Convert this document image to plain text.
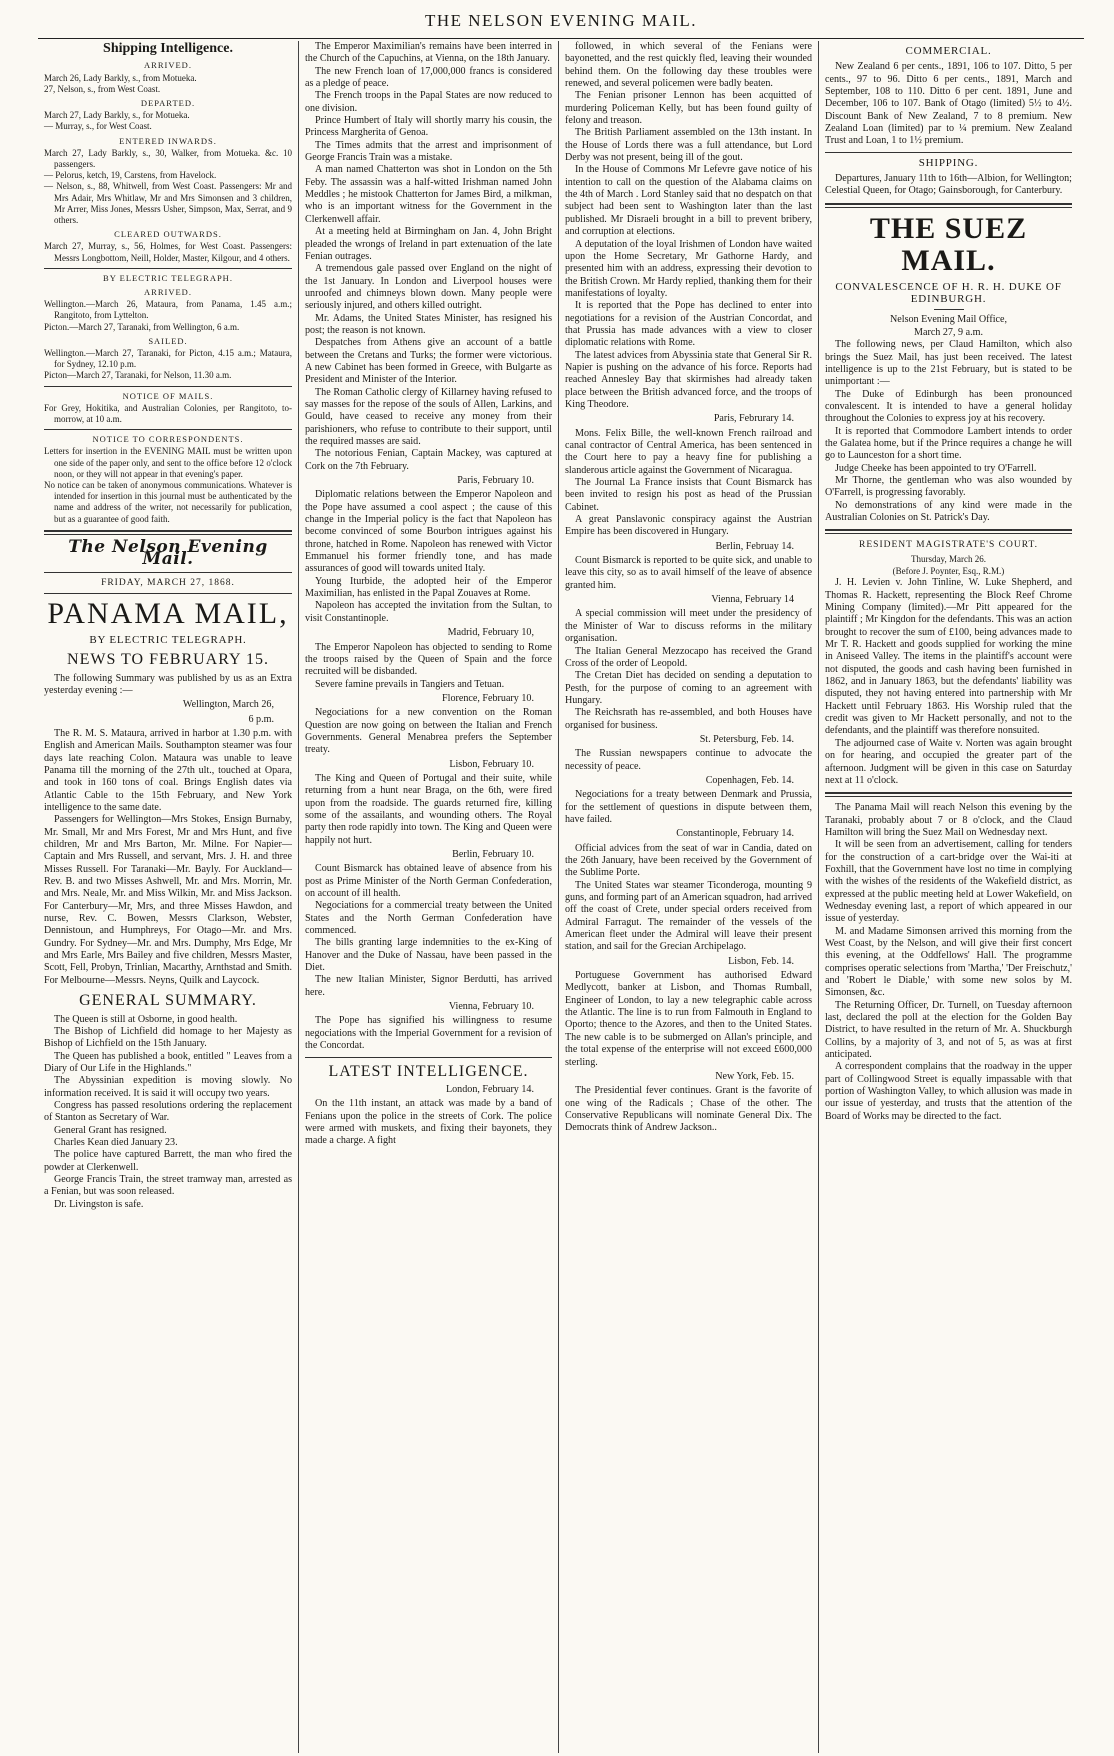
THE NELSON EVENING MAIL.
Shipping Intelligence.
ARRIVED.

March 26, Lady Barkly, s., from Motueka.

27, Nelson, s., from West Coast.

DEPARTED.

March 27, Lady Barkly, s., for Motueka.

— Murray, s., for West Coast.

ENTERED INWARDS.

March 27, Lady Barkly, s., 30, Walker, from Motueka. &c. 10 passengers.

— Pelorus, ketch, 19, Carstens, from Havelock.

— Nelson, s., 88, Whitwell, from West Coast. Passengers: Mr and Mrs Adair, Mrs Whitlaw, Mr and Mrs Simonsen and 3 children, Mr Arrer, Miss Jones, Messrs Usher, Simpson, Max, Serrat, and 9 others.

CLEARED OUTWARDS.

March 27, Murray, s., 56, Holmes, for West Coast. Passengers: Messrs Longbottom, Neill, Holder, Master, Kilgour, and 4 others.

BY ELECTRIC TELEGRAPH.
ARRIVED.

Wellington.—March 26, Mataura, from Panama, 1.45 a.m.; Rangitoto, from Lyttelton.

Picton.—March 27, Taranaki, from Wellington, 6 a.m.

SAILED.

Wellington.—March 27, Taranaki, for Picton, 4.15 a.m.; Mataura, for Sydney, 12.10 p.m.

Picton—March 27, Taranaki, for Nelson, 11.30 a.m.

NOTICE OF MAILS.

For Grey, Hokitika, and Australian Colonies, per Rangitoto, to-morrow, at 10 a.m.

NOTICE TO CORRESPONDENTS.

Letters for insertion in the EVENING MAIL must be written upon one side of the paper only, and sent to the office before 12 o'clock noon, or they will not appear in that evening's paper.

No notice can be taken of anonymous communications. Whatever is intended for insertion in this journal must be authenticated by the name and address of the writer, not necessarily for publication, but as a guarantee of good faith.

The Nelson Evening Mail.
FRIDAY, MARCH 27, 1868.
PANAMA MAIL,
BY ELECTRIC TELEGRAPH.
NEWS TO FEBRUARY 15.

The following Summary was published by us as an Extra yesterday evening :—

Wellington, March 26,
6 p.m.

The R. M. S. Mataura, arrived in harbor at 1.30 p.m. with English and American Mails. Southampton steamer was four days late reaching Colon. Mataura was unable to leave Panama till the morning of the 27th ult., touched at Opara, and took in 160 tons of coal. Brings English dates via Atlantic Cable to the 15th February, and New York intelligence to the same date.

Passengers for Wellington—Mrs Stokes, Ensign Burnaby, Mr. Small, Mr and Mrs Forest, Mr and Mrs Hunt, and five children, Mr and Mrs Barton, Mr. Milne. For Napier—Captain and Mrs Russell, and servant, Mrs. J. H. and three Misses Russell. For Taranaki—Mr. Bayly. For Auckland—Rev. B. and two Misses Ashwell, Mr. and Mrs. Morrin, Mr. and Mrs. Neale, Mr. and Miss Wilkin, Mr. and Miss Jackson. For Canterbury—Mr, Mrs, and three Misses Hawdon, and nurse, Rev. C. Bowen, Messrs Clarkson, Webster, Dennistoun, and Humphreys, For Otago—Mr. and Mrs. Gundry. For Sydney—Mr. and Mrs. Dumphy, Mrs Edge, Mr and Mrs Earle, Mrs Bailey and five children, Messrs Master, Scott, Fell, Probyn, Trinlian, Macarthy, Arnthstad and Smith. For Melbourne—Messrs. Neyns, Quilk and Laycock.

GENERAL SUMMARY.

The Queen is still at Osborne, in good health.

The Bishop of Lichfield did homage to her Majesty as Bishop of Lichfield on the 15th January.

The Queen has published a book, entitled " Leaves from a Diary of Our Life in the Highlands."

The Abyssinian expedition is moving slowly. No information received. It is said it will occupy two years.

Congress has passed resolutions ordering the replacement of Stanton as Secretary of War.

General Grant has resigned.

Charles Kean died January 23.

The police have captured Barrett, the man who fired the powder at Clerkenwell.

George Francis Train, the street tramway man, arrested as a Fenian, but was soon released.

Dr. Livingston is safe.

The Emperor Maximilian's remains have been interred in the Church of the Capuchins, at Vienna, on the 18th January.

The new French loan of 17,000,000 francs is considered as a pledge of peace.

The French troops in the Papal States are now reduced to one division.

Prince Humbert of Italy will shortly marry his cousin, the Princess Margherita of Genoa.

The Times admits that the arrest and imprisonment of George Francis Train was a mistake.

A man named Chatterton was shot in London on the 5th Feby. The assassin was a half-witted Irishman named John Meddles ; he mistook Chatterton for James Bird, a milkman, who is an important witness for the Government in the Clerkenwell affair.

At a meeting held at Birmingham on Jan. 4, John Bright pleaded the wrongs of Ireland in part extenuation of the late Fenian outrages.

A tremendous gale passed over England on the night of the 1st January. In London and Liverpool houses were unroofed and chimneys blown down. Many people were seriously injured, and others killed outright.

Mr. Adams, the United States Minister, has resigned his post; the reason is not known.

Despatches from Athens give an account of a battle between the Cretans and Turks; the former were victorious. A new Cabinet has been formed in Greece, with Bulgarte as President and Minister of the Interior.

The Roman Catholic clergy of Killarney having refused to say masses for the repose of the souls of Allen, Larkins, and Gould, have ceased to receive any money from their parishioners, who refuse to contribute to their support, until the required masses are said.

The notorious Fenian, Captain Mackey, was captured at Cork on the 7th February.

Paris, February 10.

Diplomatic relations between the Emperor Napoleon and the Pope have assumed a cool aspect ; the cause of this change in the Imperial policy is the fact that Napoleon has become convinced of some Bourbon intrigues against his throne, hatched in Rome. Napoleon has renewed with Victor Emmanuel his former friendly tone, and has made assurances of good will towards united Italy.

Young Iturbide, the adopted heir of the Emperor Maximilian, has enlisted in the Papal Zouaves at Rome.

Napoleon has accepted the invitation from the Sultan, to visit Constantinople.

Madrid, February 10,

The Emperor Napoleon has objected to sending to Rome the troops raised by the Queen of Spain and the force recruited will be disbanded.

Severe famine prevails in Tangiers and Tetuan.

Florence, February 10.

Negociations for a new convention on the Roman Question are now going on between the Italian and French Governments. General Menabrea prefers the September treaty.

Lisbon, February 10.

The King and Queen of Portugal and their suite, while returning from a hunt near Braga, on the 6th, were fired upon from the roadside. The guards returned fire, killing some of the assailants, and wounding others. The Royal party then rode rapidly into town. The King and Queen were happily not hurt.

Berlin, February 10.

Count Bismarck has obtained leave of absence from his post as Prime Minister of the North German Confederation, on account of ill health.

Negociations for a commercial treaty between the United States and the North German Confederation have commenced.

The bills granting large indemnities to the ex-King of Hanover and the Duke of Nassau, have been passed in the Diet.

The new Italian Minister, Signor Berdutti, has arrived here.

Vienna, February 10.

The Pope has signified his willingness to resume negociations with the Imperial Government for a revision of the Concordat.

LATEST INTELLIGENCE.
London, February 14.

On the 11th instant, an attack was made by a band of Fenians upon the police in the streets of Cork. The police were armed with muskets, and fixing their bayonets, they made a charge. A fight

followed, in which several of the Fenians were bayonetted, and the rest quickly fled, leaving their wounded behind them. On the following day these troubles were renewed, and several policemen were badly beaten.

The Fenian prisoner Lennon has been acquitted of murdering Policeman Kelly, but has been found guilty of felony and treason.

The British Parliament assembled on the 13th instant. In the House of Lords there was a full attendance, but Lord Derby was not present, being ill of the gout.

In the House of Commons Mr Lefevre gave notice of his intention to call on the question of the Alabama claims on the 4th of March . Lord Stanley said that no despatch on that subject had been sent to Washington later than the last published. Mr Disraeli brought in a bill to prevent bribery, and corruption at elections.

A deputation of the loyal Irishmen of London have waited upon the Home Secretary, Mr Gathorne Hardy, and presented him with an address, expressing their devotion to the British Crown. Mr Hardy replied, thanking them for their manifestations of loyalty.

It is reported that the Pope has declined to enter into negotiations for a revision of the Austrian Concordat, and that Prussia has made advances with a view to closer diplomatic relations with Rome.

The latest advices from Abyssinia state that General Sir R. Napier is pushing on the advance of his force. Reports had reached Annesley Bay that skirmishes had already taken place between the British advanced force, and the troops of King Theodore.

Paris, Februrary 14.

Mons. Felix Bille, the well-known French railroad and canal contractor of Central America, has been sentenced in the Court here to pay a heavy fine for publishing a slanderous article against the Government of Nicaragua.

The Journal La France insists that Count Bismarck has been invited to resign his post as head of the Prussian Cabinet.

A great Panslavonic conspiracy against the Austrian Empire has been discovered in Hungary.

Berlin, Februay 14.

Count Bismarck is reported to be quite sick, and unable to leave this city, so as to avail himself of the leave of absence granted him.

Vienna, February 14

A special commission will meet under the presidency of the Minister of War to discuss reforms in the military organisation.

The Italian General Mezzocapo has received the Grand Cross of the order of Leopold.

The Cretan Diet has decided on sending a deputation to Pesth, for the purpose of coming to an agreement with Hungary.

The Reichsrath has re-assembled, and both Houses have organised for business.

St. Petersburg, Feb. 14.

The Russian newspapers continue to advocate the necessity of peace.

Copenhagen, Feb. 14.

Negociations for a treaty between Denmark and Prussia, for the settlement of questions in dispute between them, have failed.

Constantinople, February 14.

Official advices from the seat of war in Candia, dated on the 26th January, have been received by the Government of the Sublime Porte.

The United States war steamer Ticonderoga, mounting 9 guns, and forming part of an American squadron, had arrived off the coast of Crete, under special orders received from Admiral Farragut. The remainder of the vessels of the American fleet under the Admiral will leave their present station, and sail for the Grecian Archipelago.

Lisbon, Feb. 14.

Portuguese Government has authorised Edward Medlycott, banker at Lisbon, and Thomas Rumball, Engineer of London, to lay a new telegraphic cable across the Atlantic. The line is to run from Falmouth in England to Oporto; thence to the Azores, and then to the United States. The new cable is to be submerged on Allan's principle, and the total expense of the enterprise will not exceed £600,000 sterling.

New York, Feb. 15.

The Presidential fever continues. Grant is the favorite of one wing of the Radicals ; Chase of the other. The Conservative Republicans will nominate General Dix. The Democrats think of Andrew Jackson..

COMMERCIAL.

New Zealand 6 per cents., 1891, 106 to 107. Ditto, 5 per cents., 97 to 96. Ditto 6 per cents., 1891, March and September, 108 to 110. Ditto 6 per cent. 1891, June and December, 106 to 107. Bank of Otago (limited) 5½ to 4½. Discount Bank of New Zealand, 7 to 8 premium. New Zealand Loan (limited) par to ¼ premium. New Zealand Trust and Loan, 1 to 1½ premium.

SHIPPING.

Departures, January 11th to 16th—Albion, for Wellington; Celestial Queen, for Otago; Gainsborough, for Canterbury.

THE SUEZ MAIL.
CONVALESCENCE OF H. R. H. DUKE OF EDINBURGH.
Nelson Evening Mail Office,
March 27, 9 a.m.

The following news, per Claud Hamilton, which also brings the Suez Mail, has just been received. The latest intelligence is up to the 21st February, but is stated to be unimportant :—

The Duke of Edinburgh has been pronounced convalescent. It is intended to have a general holiday throughout the Colonies to express joy at his recovery.

It is reported that Commodore Lambert intends to order the Galatea home, but if the Prince requires a change he will go to Launceston for a short time.

Judge Cheeke has been appointed to try O'Farrell.

Mr Thorne, the gentleman who was also wounded by O'Farrell, is progressing favorably.

No demonstrations of any kind were made in the Australian Colonies on St. Patrick's Day.

RESIDENT MAGISTRATE'S COURT.
Thursday, March 26.
(Before J. Poynter, Esq., R.M.)

J. H. Levien v. John Tinline, W. Luke Shepherd, and Thomas R. Hackett, representing the Block Reef Chrome Mining Company (limited).—Mr Pitt appeared for the plaintiff ; Mr Kingdon for the defendants. This was an action brought to recover the sum of £100, being advances made to Mr T. R. Hackett and goods supplied for working the mine in Aniseed Valley. The items in the plaintiff's account were not disputed, the goods and cash having been furnished in 1862, and in January 1863, but the defendants' liability was disputed, they not having entered into partnership with Mr Hackett until February 1863. His Worship ruled that the credit was given to Mr Hackett personally, and not to the defendants, and the plaintiff was therefore nonsuited.

The adjourned case of Waite v. Norten was again brought on for hearing, and occupied the greater part of the afternoon. Judgment will be given in this case on Saturday next at 11 o'clock.

The Panama Mail will reach Nelson this evening by the Taranaki, probably about 7 or 8 o'clock, and the Claud Hamilton will bring the Suez Mail on Wednesday next.

It will be seen from an advertisement, calling for tenders for the construction of a cart-bridge over the Wai-iti at Foxhill, that the Government have lost no time in complying with the wishes of the residents of the Wakefield district, as expressed at the public meeting held at Lower Wakefield, on Wednesday evening last, a report of which appeared in our issue of yesterday.

M. and Madame Simonsen arrived this morning from the West Coast, by the Nelson, and will give their first concert this evening, at the Oddfellows' Hall. The programme comprises operatic selections from 'Martha,' 'Der Freischutz,' and 'Robert le Diable,' with some new solos by M. Simonsen, &c.

The Returning Officer, Dr. Turnell, on Tuesday afternoon last, declared the poll at the election for the Golden Bay District, to have resulted in the return of Mr. A. Shuckburgh Collins, by a majority of 3, and not of 5, as was at first anticipated.

A correspondent complains that the roadway in the upper part of Collingwood Street is equally impassable with that portion of Washington Valley, to which allusion was made in our issue of yesterday, and trusts that the attention of the Board of Works may be directed to the fact.
